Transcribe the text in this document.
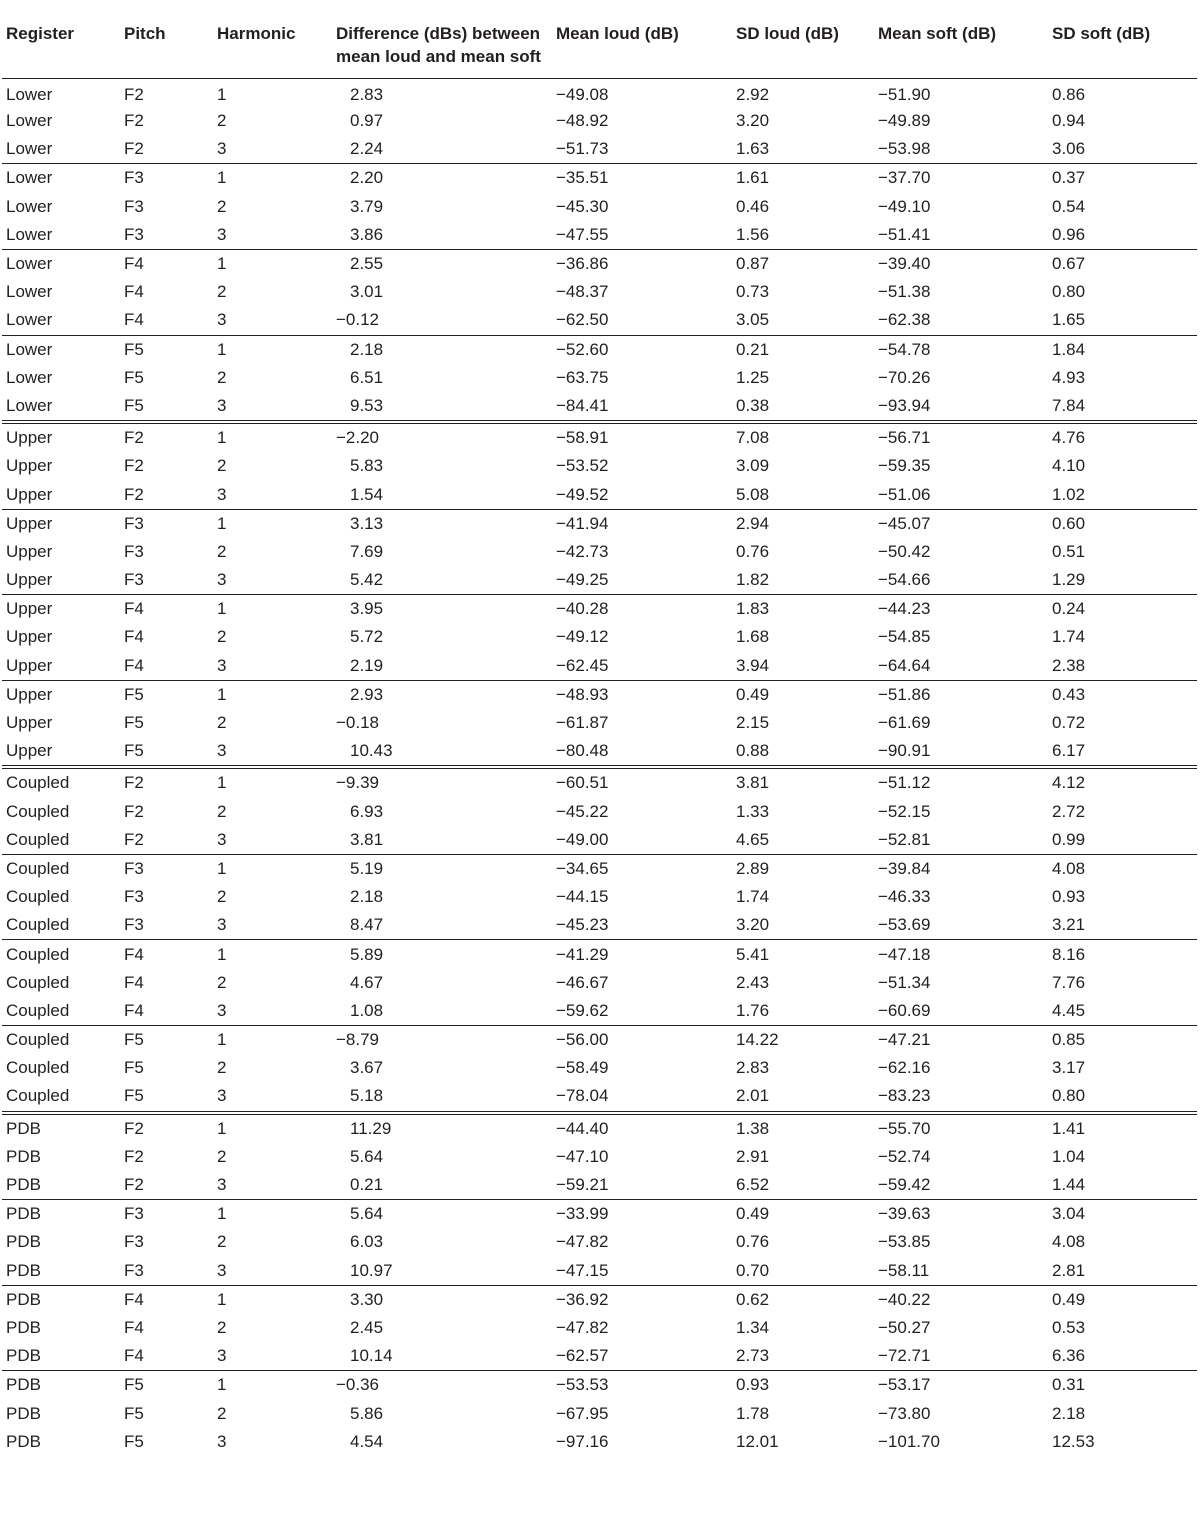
Register	Pitch	Harmonic	Difference (dBs) between mean loud and mean soft	Mean loud (dB)	SD loud (dB)	Mean soft (dB)	SD soft (dB)
Lower	F2	1	2.83	−49.08	2.92	−51.90	0.86
Lower	F2	2	0.97	−48.92	3.20	−49.89	0.94
Lower	F2	3	2.24	−51.73	1.63	−53.98	3.06
Lower	F3	1	2.20	−35.51	1.61	−37.70	0.37
Lower	F3	2	3.79	−45.30	0.46	−49.10	0.54
Lower	F3	3	3.86	−47.55	1.56	−51.41	0.96
Lower	F4	1	2.55	−36.86	0.87	−39.40	0.67
Lower	F4	2	3.01	−48.37	0.73	−51.38	0.80
Lower	F4	3	−0.12	−62.50	3.05	−62.38	1.65
Lower	F5	1	2.18	−52.60	0.21	−54.78	1.84
Lower	F5	2	6.51	−63.75	1.25	−70.26	4.93
Lower	F5	3	9.53	−84.41	0.38	−93.94	7.84
Upper	F2	1	−2.20	−58.91	7.08	−56.71	4.76
Upper	F2	2	5.83	−53.52	3.09	−59.35	4.10
Upper	F2	3	1.54	−49.52	5.08	−51.06	1.02
Upper	F3	1	3.13	−41.94	2.94	−45.07	0.60
Upper	F3	2	7.69	−42.73	0.76	−50.42	0.51
Upper	F3	3	5.42	−49.25	1.82	−54.66	1.29
Upper	F4	1	3.95	−40.28	1.83	−44.23	0.24
Upper	F4	2	5.72	−49.12	1.68	−54.85	1.74
Upper	F4	3	2.19	−62.45	3.94	−64.64	2.38
Upper	F5	1	2.93	−48.93	0.49	−51.86	0.43
Upper	F5	2	−0.18	−61.87	2.15	−61.69	0.72
Upper	F5	3	10.43	−80.48	0.88	−90.91	6.17
Coupled	F2	1	−9.39	−60.51	3.81	−51.12	4.12
Coupled	F2	2	6.93	−45.22	1.33	−52.15	2.72
Coupled	F2	3	3.81	−49.00	4.65	−52.81	0.99
Coupled	F3	1	5.19	−34.65	2.89	−39.84	4.08
Coupled	F3	2	2.18	−44.15	1.74	−46.33	0.93
Coupled	F3	3	8.47	−45.23	3.20	−53.69	3.21
Coupled	F4	1	5.89	−41.29	5.41	−47.18	8.16
Coupled	F4	2	4.67	−46.67	2.43	−51.34	7.76
Coupled	F4	3	1.08	−59.62	1.76	−60.69	4.45
Coupled	F5	1	−8.79	−56.00	14.22	−47.21	0.85
Coupled	F5	2	3.67	−58.49	2.83	−62.16	3.17
Coupled	F5	3	5.18	−78.04	2.01	−83.23	0.80
PDB	F2	1	11.29	−44.40	1.38	−55.70	1.41
PDB	F2	2	5.64	−47.10	2.91	−52.74	1.04
PDB	F2	3	0.21	−59.21	6.52	−59.42	1.44
PDB	F3	1	5.64	−33.99	0.49	−39.63	3.04
PDB	F3	2	6.03	−47.82	0.76	−53.85	4.08
PDB	F3	3	10.97	−47.15	0.70	−58.11	2.81
PDB	F4	1	3.30	−36.92	0.62	−40.22	0.49
PDB	F4	2	2.45	−47.82	1.34	−50.27	0.53
PDB	F4	3	10.14	−62.57	2.73	−72.71	6.36
PDB	F5	1	−0.36	−53.53	0.93	−53.17	0.31
PDB	F5	2	5.86	−67.95	1.78	−73.80	2.18
PDB	F5	3	4.54	−97.16	12.01	−101.70	12.53
